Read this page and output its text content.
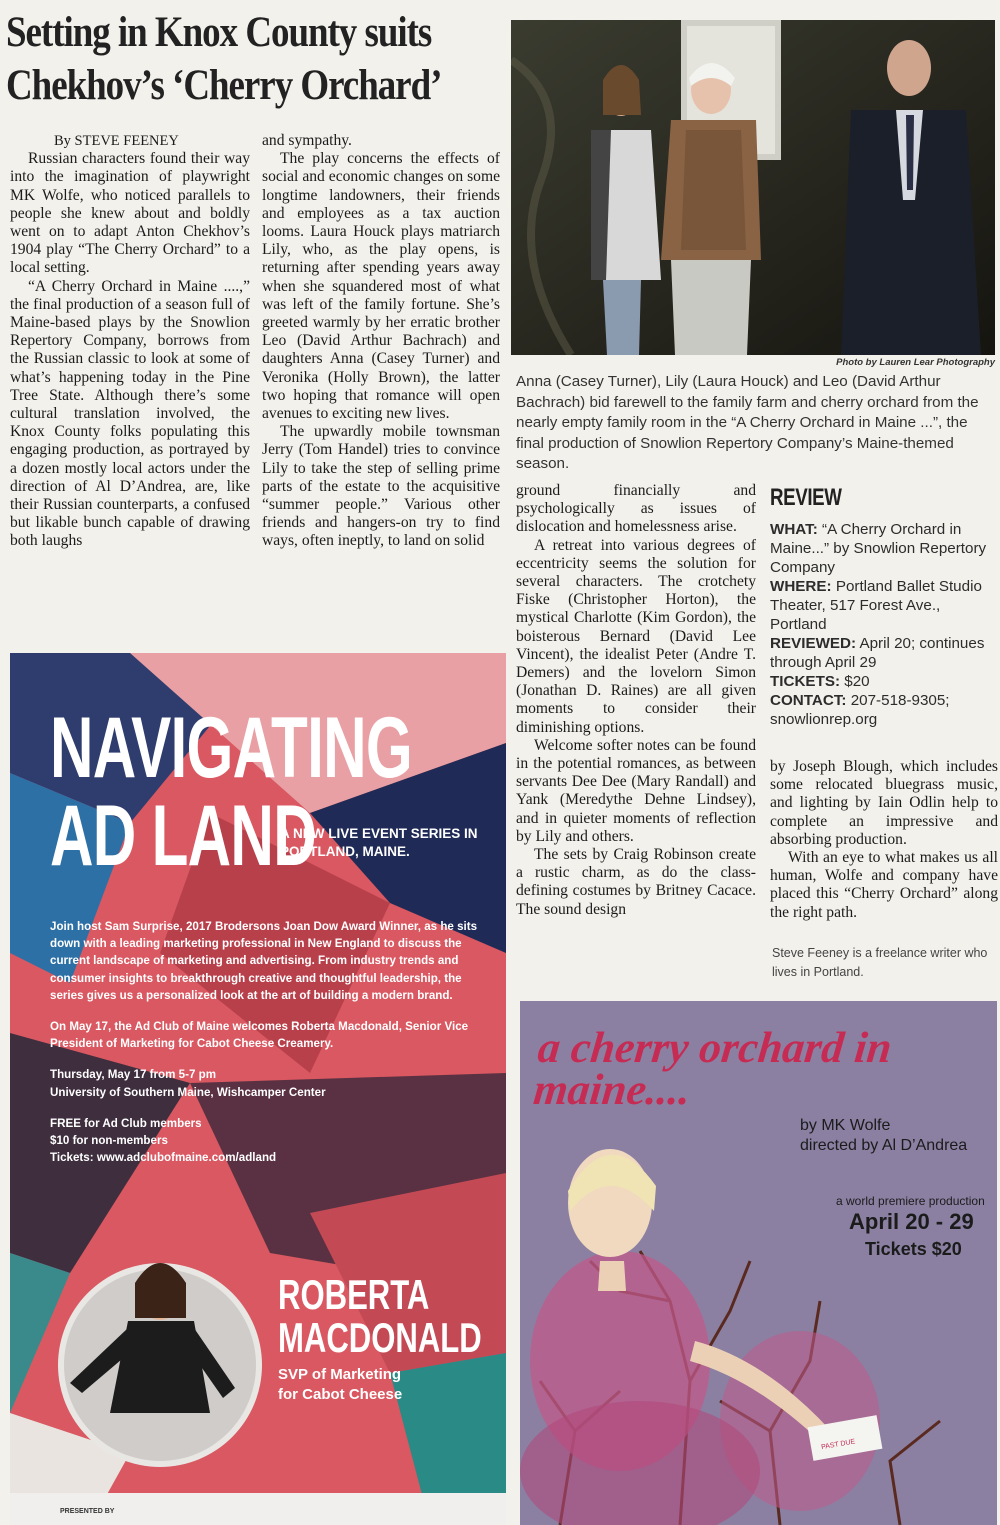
Setting in Knox County suits
Chekhov’s ‘Cherry Orchard’

By STEVE FEENEY

Russian characters found their way into the imagination of playwright MK Wolfe, who noticed parallels to people she knew about and boldly went on to adapt Anton Chekhov’s 1904 play “The Cherry Orchard” to a local setting.

“A Cherry Orchard in Maine ....,” the final production of a season full of Maine-based plays by the Snowlion Repertory Company, borrows from the Russian classic to look at some of what’s happening today in the Pine Tree State. Although there’s some cultural translation involved, the Knox County folks populating this engaging production, as portrayed by a dozen mostly local actors under the direction of Al D’Andrea, are, like their Russian counterparts, a confused but likable bunch capable of drawing both laughs

and sympathy.

The play concerns the effects of social and economic changes on some longtime landowners, their friends and employees as a tax auction looms. Laura Houck plays matriarch Lily, who, as the play opens, is returning after spending years away when she squandered most of what was left of the family fortune. She’s greeted warmly by her erratic brother Leo (David Arthur Bachrach) and daughters Anna (Casey Turner) and Veronika (Holly Brown), the latter two hoping that romance will open avenues to exciting new lives.

The upwardly mobile townsman Jerry (Tom Handel) tries to convince Lily to take the step of selling prime parts of the estate to the acquisitive “summer people.” Various other friends and hangers-on try to find ways, often ineptly, to land on solid

Photo by Lauren Lear Photography
Anna (Casey Turner), Lily (Laura Houck) and Leo (David Arthur Bachrach) bid farewell to the family farm and cherry orchard from the nearly empty family room in the “A Cherry Orchard in Maine ...”, the final production of Snowlion Repertory Company’s Maine-themed season.

ground financially and psychologically as issues of dislocation and homelessness arise.

A retreat into various degrees of eccentricity seems the solution for several characters. The crotchety Fiske (Christopher Horton), the mystical Charlotte (Kim Gordon), the boisterous Bernard (David Lee Vincent), the idealist Peter (Andre T. Demers) and the lovelorn Simon (Jonathan D. Raines) are all given moments to consider their diminishing options.

Welcome softer notes can be found in the potential romances, as between servants Dee Dee (Mary Randall) and Yank (Meredythe Dehne Lindsey), and in quieter moments of reflection by Lily and others.

The sets by Craig Robinson create a rustic charm, as do the class-defining costumes by Britney Cacace. The sound design

REVIEW
WHAT: “A Cherry Orchard in Maine...” by Snowlion Repertory Company
WHERE: Portland Ballet Studio Theater, 517 Forest Ave., Portland
REVIEWED: April 20; continues through April 29
TICKETS: $20
CONTACT: 207-518-9305; snowlionrep.org

by Joseph Blough, which includes some relocated bluegrass music, and lighting by Iain Odlin help to complete an impressive and absorbing production.

With an eye to what makes us all human, Wolfe and company have placed this “Cherry Orchard” along the right path.

Steve Feeney is a freelance writer who lives in Portland.
NAVIGATING
AD LAND
A NEW LIVE EVENT SERIES IN PORTLAND, MAINE.

Join host Sam Surprise, 2017 Brodersons Joan Dow Award Winner, as he sits down with a leading marketing professional in New England to discuss the current landscape of marketing and advertising. From industry trends and consumer insights to breakthrough creative and thoughtful leadership, the series gives us a personalized look at the art of building a modern brand.

On May 17, the Ad Club of Maine welcomes Roberta Macdonald, Senior Vice President of Marketing for Cabot Cheese Creamery.

Thursday, May 17 from 5-7 pm
University of Southern Maine, Wishcamper Center

FREE for Ad Club members
$10 for non-members
Tickets: www.adclubofmaine.com/adland

ROBERTA
MACDONALD
SVP of Marketing
for Cabot Cheese
PRESENTED BY
PAST DUE
a cherry orchard in maine....
by MK Wolfe
directed by Al D’Andrea
a world premiere production
April 20 - 29
Tickets $20
